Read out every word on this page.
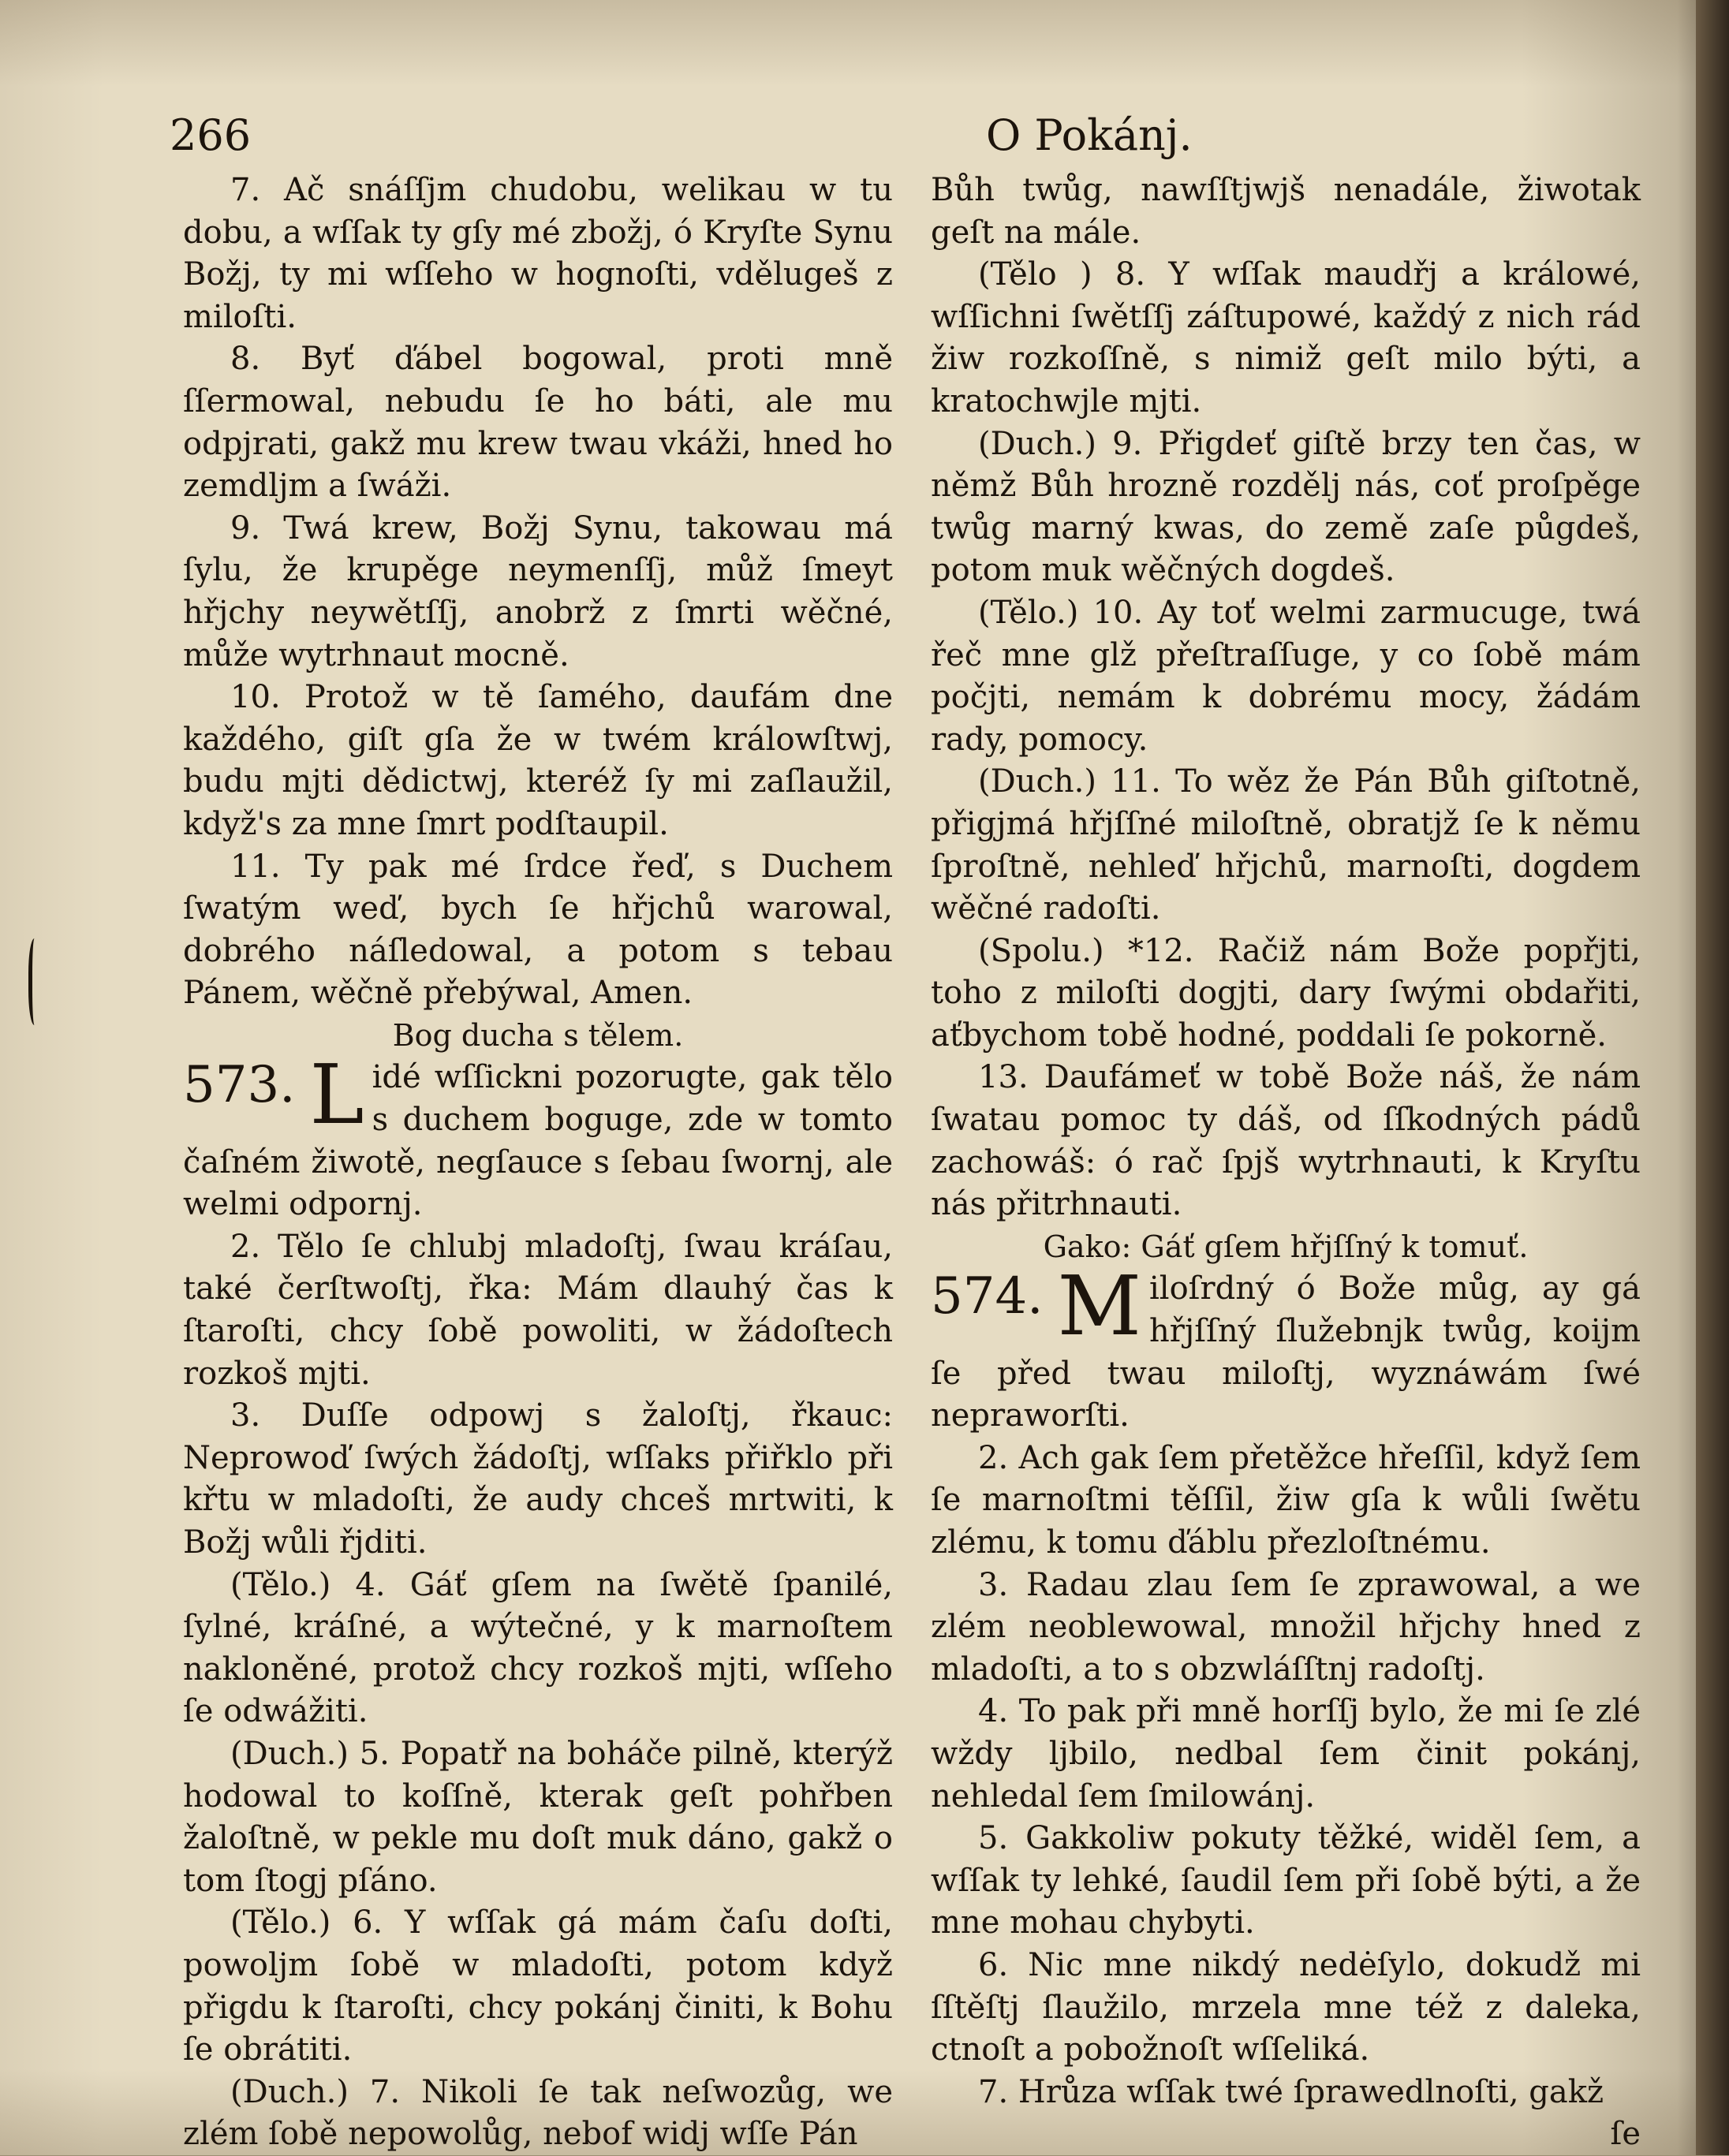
266	O Pokánj.

7. Ač snáſſjm chudobu, welikau w tu dobu, a wſſak ty gſy mé zbožj, ó Kryſte Synu Božj, ty mi wſſeho w hognoſti, vdělugeš z miloſti.

8. Byť ďábel bogowal, proti mně ſſermowal, nebudu ſe ho báti, ale mu odpjrati, gakž mu krew twau vkáži, hned ho zemdljm a ſwáži.

9. Twá krew, Božj Synu, takowau má ſylu, že krupěge neymenſſj, můž ſmeyt hřjchy neywětſſj, anobrž z ſmrti wěčné, může wytrhnaut mocně.

10. Protož w tě ſamého, daufám dne každého, giſt gſa že w twém králowſtwj, budu mjti dědictwj, kteréž ſy mi zaſlaužil, když's za mne ſmrt podſtaupil.

11. Ty pak mé ſrdce řeď, s Duchem ſwatým weď, bych ſe hřjchů warowal, dobrého náſledowal, a potom s tebau Pánem, wěčně přebýwal, Amen.

Bog ducha s tělem.

573. L idé wſſickni pozorugte, gak tělo s duchem bogugе, zde w tomto čaſném žiwotě, negſauce s ſebau ſwornj, ale welmi odpornj.

2. Tělo ſe chlubj mladoſtj, ſwau kráſau, také čerſtwoſtj, řka: Mám dlauhý čas k ſtaroſti, chcy ſobě powoliti, w žádoſtech rozkoš mjti.

3. Duſſe odpowj s žaloſtj, řkauc: Neprowoď ſwých žádoſtj, wſſaks přiřklo při křtu w mladoſti, že audy chceš mrtwiti, k Božj wůli řjditi.

(Tělo.) 4. Gáť gſem na ſwětě ſpanilé, ſylné, kráſné, a wýtečné, y k marnoſtem nakloněné, protož chcy rozkoš mjti, wſſeho ſe odwážiti.

(Duch.) 5. Popatř na boháče pilně, kterýž hodowal to koſſně, kterak geſt pohřben žaloſtně, w pekle mu doſt muk dáno, gakž o tom ſtogj pſáno.

(Tělo.) 6. Y wſſak gá mám čaſu doſti, powoljm ſobě w mladoſti, potom když přigdu k ſtaroſti, chcy pokánj činiti, k Bohu ſe obrátiti.

(Duch.) 7. Nikoli ſe tak neſwozůg, we zlém ſobě nepowolůg, nebof widj wſſe Pán

Bůh twůg, nawſſtjwjš nenadále, žiwotak geſt na málе.

(Tělo ) 8. Y wſſak maudřj a králowé, wſſichni ſwětſſj záſtupowé, každý z nich rád žiw rozkoſſně, s nimiž geſt milo býti, a kratochwjle mjti.

(Duch.) 9. Přigdeť giſtě brzy ten čas, w němž Bůh hrozně rozdělj nás, coť proſpěge twůg marný kwas, do země zaſe půgdeš, potom muk wěčných dogdeš.

(Tělo.) 10. Ay toť welmi zarmucuge, twá řeč mne glž přeſtraſſuge, y co ſobě mám počjti, nemám k dobrému mocy, žádám rady, pomocy.

(Duch.) 11. To wěz že Pán Bůh giſtotně, přigjmá hřjſſné miloſtně, obratjž ſe k němu ſproſtně, nehleď hřjchů, marnoſti, dogdem wěčné radoſti.

(Spolu.) *12. Račiž nám Bože popřjti, toho z miloſti dogjti, dary ſwými obdařiti, aťbychom tobě hodné, poddali ſe pokorně.

13. Daufámeť w tobě Bože náš, že nám ſwatau pomoc ty dáš, od ſſkodných pádů zachowáš: ó rač ſpjš wytrhnauti, k Kryſtu nás přitrhnauti.

Gako: Gáť gſem hřjſſný k tomuť.

574. M iloſrdný ó Bože můg, ay gá hřjſſný ſlužebnjk twůg, koijm ſe před twau miloſtj, wyznáwám ſwé nepraworſti.

2. Ach gak ſem přetěžce hřeſſil, když ſem ſe marnoſtmi těſſil, žiw gſa k wůli ſwětu zlému, k tomu ďáblu přezloſtnému.

3. Radau zlau ſem ſe zprawowal, a we zlém neoblewowal, množil hřjchy hned z mladoſti, a to s obzwláſſtnj radoſtj.

4. To pak při mně horſſj bylo, že mi ſe zlé wždy ljbilo, nedbal ſem činit pokánj, nehledal ſem ſmilowánj.

5. Gakkoliw pokuty těžké, widěl ſem, a wſſak ty lehké, ſaudil ſem při ſobě býti, a že mne mohau chybyti.

6. Nic mne nikdý nedėſylo, dokudž mi ſſtěſtj ſlaužilo, mrzela mne též z daleka, ctnoſt a pobožnoſt wſſeliká.

7. Hrůza wſſak twé ſprawedlnoſti, gakž

ſe
